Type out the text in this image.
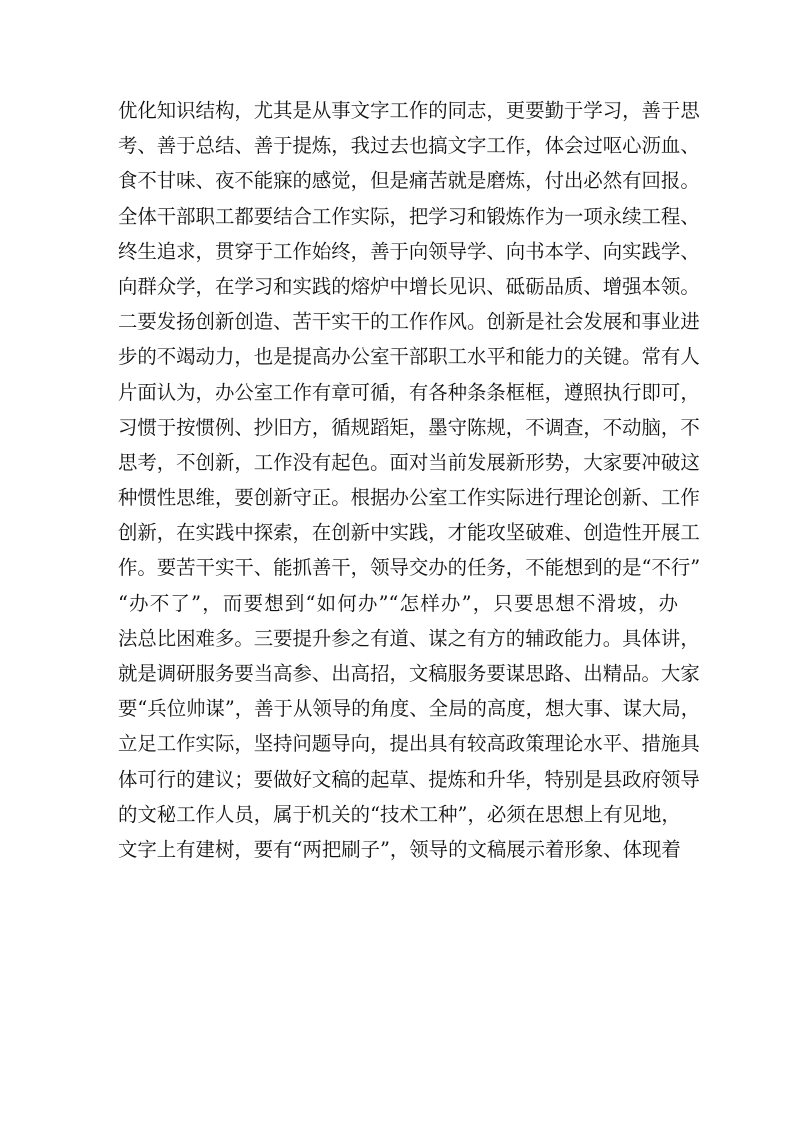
优化知识结构，尤其是从事文字工作的同志，更要勤于学习，善于思
考、善于总结、善于提炼，我过去也搞文字工作，体会过呕心沥血、
食不甘味、夜不能寐的感觉，但是痛苦就是磨炼，付出必然有回报。
全体干部职工都要结合工作实际，把学习和锻炼作为一项永续工程、
终生追求，贯穿于工作始终，善于向领导学、向书本学、向实践学、
向群众学，在学习和实践的熔炉中增长见识、砥砺品质、增强本领。
二要发扬创新创造、苦干实干的工作作风。创新是社会发展和事业进
步的不竭动力，也是提高办公室干部职工水平和能力的关键。常有人
片面认为，办公室工作有章可循，有各种条条框框，遵照执行即可，
习惯于按惯例、抄旧方，循规蹈矩，墨守陈规，不调查，不动脑，不
思考，不创新，工作没有起色。面对当前发展新形势，大家要冲破这
种惯性思维，要创新守正。根据办公室工作实际进行理论创新、工作
创新，在实践中探索，在创新中实践，才能攻坚破难、创造性开展工
作。要苦干实干、能抓善干，领导交办的任务，不能想到的是“不行”
“办不了”，而要想到“如何办”“怎样办”，只要思想不滑坡，办
法总比困难多。三要提升参之有道、谋之有方的辅政能力。具体讲，
就是调研服务要当高参、出高招，文稿服务要谋思路、出精品。大家
要“兵位帅谋”，善于从领导的角度、全局的高度，想大事、谋大局，
立足工作实际，坚持问题导向，提出具有较高政策理论水平、措施具
体可行的建议；要做好文稿的起草、提炼和升华，特别是县政府领导
的文秘工作人员，属于机关的“技术工种”，必须在思想上有见地，
文字上有建树，要有“两把刷子”，领导的文稿展示着形象、体现着
